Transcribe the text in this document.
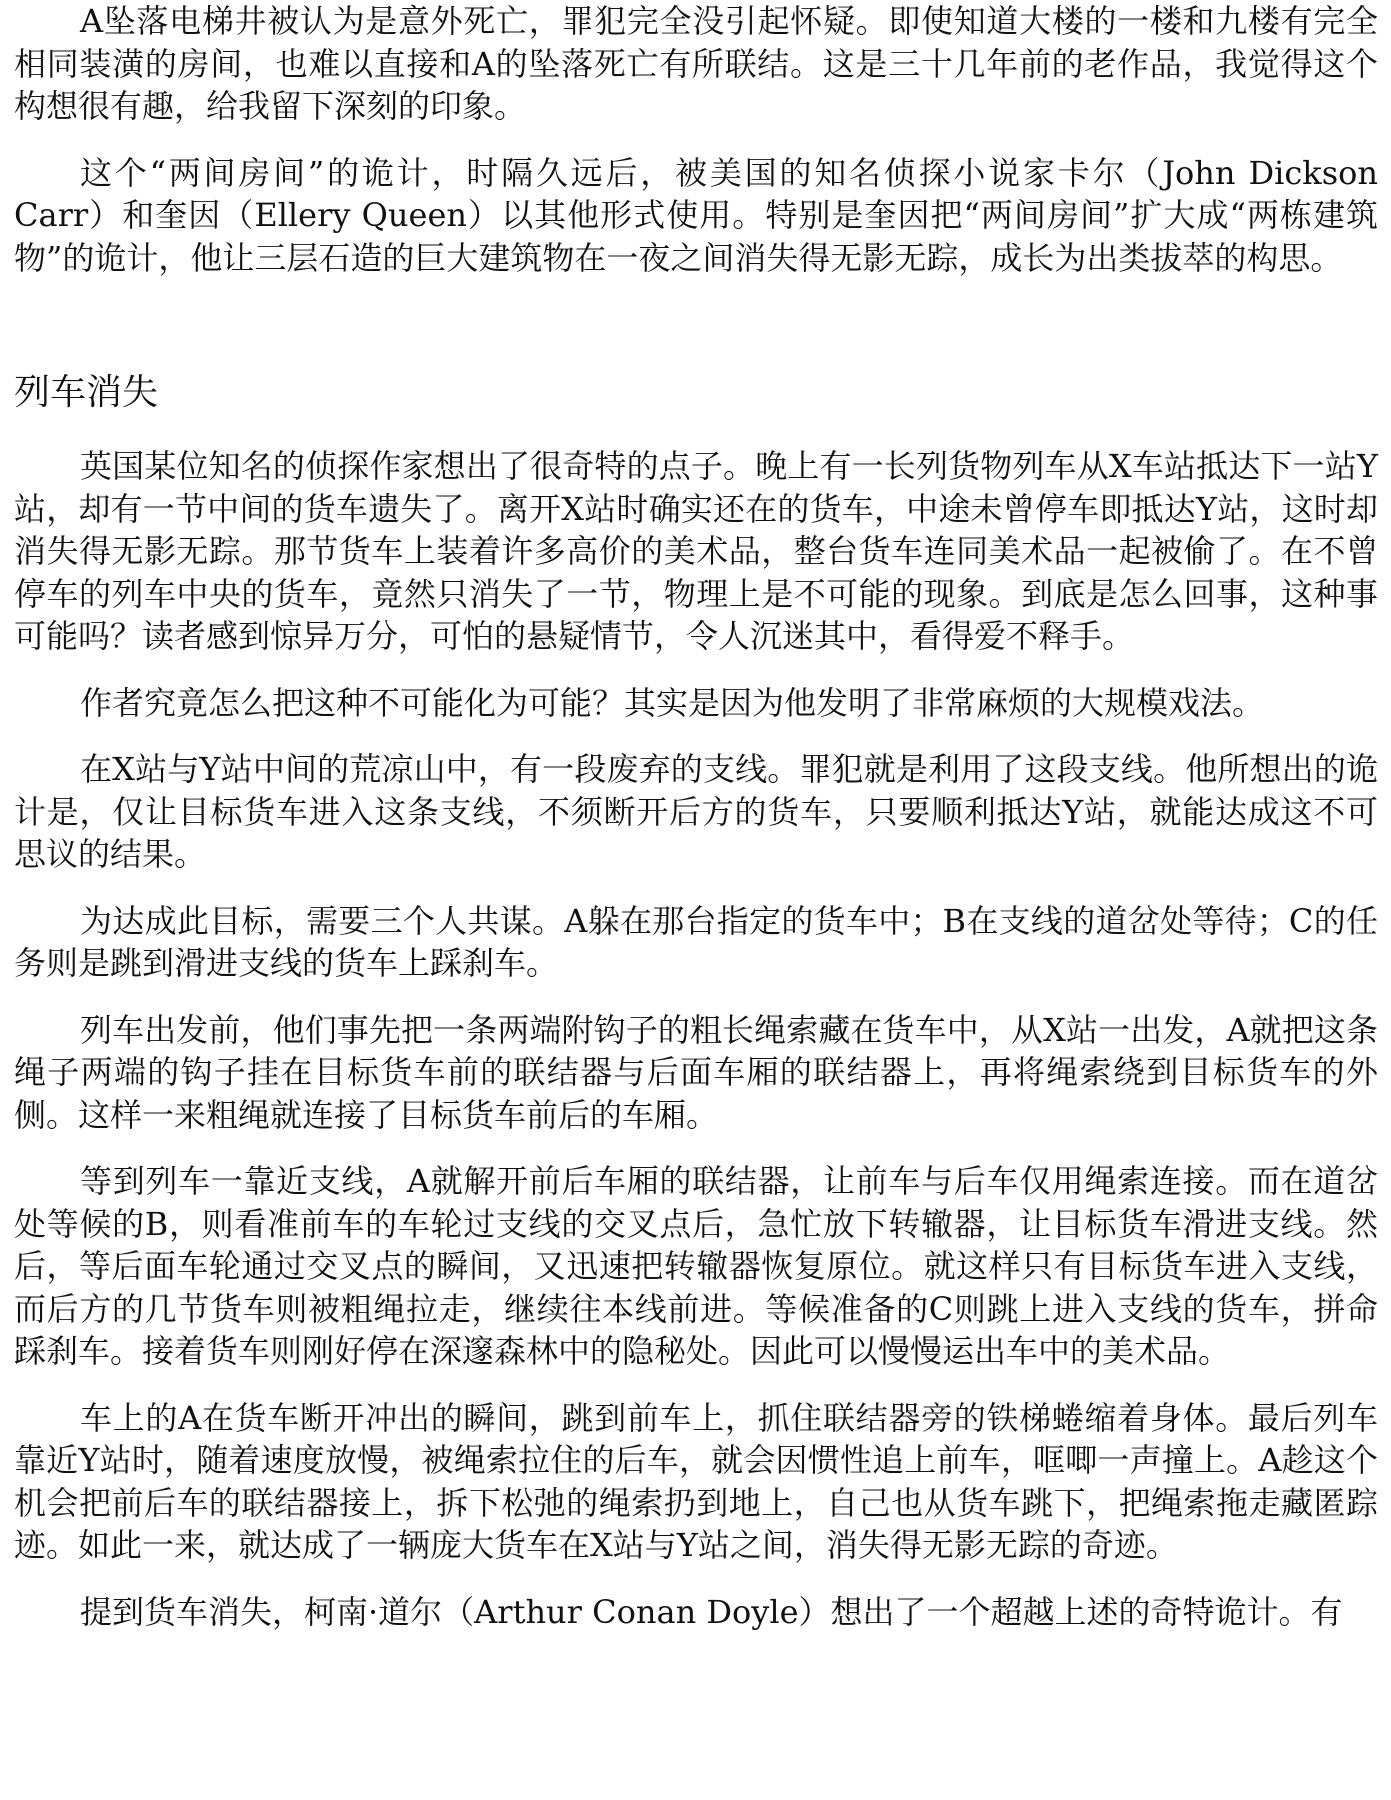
A坠落电梯井被认为是意外死亡，罪犯完全没引起怀疑。即使知道大楼的一楼和九楼有完全相同装潢的房间，也难以直接和A的坠落死亡有所联结。这是三十几年前的老作品，我觉得这个构想很有趣，给我留下深刻的印象。

这个“两间房间”的诡计，时隔久远后，被美国的知名侦探小说家卡尔（John Dickson Carr）和奎因（Ellery Queen）以其他形式使用。特别是奎因把“两间房间”扩大成“两栋建筑物”的诡计，他让三层石造的巨大建筑物在一夜之间消失得无影无踪，成长为出类拔萃的构思。

列车消失

英国某位知名的侦探作家想出了很奇特的点子。晚上有一长列货物列车从X车站抵达下一站Y站，却有一节中间的货车遗失了。离开X站时确实还在的货车，中途未曾停车即抵达Y站，这时却消失得无影无踪。那节货车上装着许多高价的美术品，整台货车连同美术品一起被偷了。在不曾停车的列车中央的货车，竟然只消失了一节，物理上是不可能的现象。到底是怎么回事，这种事可能吗？读者感到惊异万分，可怕的悬疑情节，令人沉迷其中，看得爱不释手。

作者究竟怎么把这种不可能化为可能？其实是因为他发明了非常麻烦的大规模戏法。

在X站与Y站中间的荒凉山中，有一段废弃的支线。罪犯就是利用了这段支线。他所想出的诡计是，仅让目标货车进入这条支线，不须断开后方的货车，只要顺利抵达Y站，就能达成这不可思议的结果。

为达成此目标，需要三个人共谋。A躲在那台指定的货车中；B在支线的道岔处等待；C的任务则是跳到滑进支线的货车上踩刹车。

列车出发前，他们事先把一条两端附钩子的粗长绳索藏在货车中，从X站一出发，A就把这条绳子两端的钩子挂在目标货车前的联结器与后面车厢的联结器上，再将绳索绕到目标货车的外侧。这样一来粗绳就连接了目标货车前后的车厢。

等到列车一靠近支线，A就解开前后车厢的联结器，让前车与后车仅用绳索连接。而在道岔处等候的B，则看准前车的车轮过支线的交叉点后，急忙放下转辙器，让目标货车滑进支线。然后，等后面车轮通过交叉点的瞬间，又迅速把转辙器恢复原位。就这样只有目标货车进入支线，而后方的几节货车则被粗绳拉走，继续往本线前进。等候准备的C则跳上进入支线的货车，拼命踩刹车。接着货车则刚好停在深邃森林中的隐秘处。因此可以慢慢运出车中的美术品。

车上的A在货车断开冲出的瞬间，跳到前车上，抓住联结器旁的铁梯蜷缩着身体。最后列车靠近Y站时，随着速度放慢，被绳索拉住的后车，就会因惯性追上前车，哐唧一声撞上。A趁这个机会把前后车的联结器接上，拆下松弛的绳索扔到地上，自己也从货车跳下，把绳索拖走藏匿踪迹。如此一来，就达成了一辆庞大货车在X站与Y站之间，消失得无影无踪的奇迹。

提到货车消失，柯南·道尔（Arthur Conan Doyle）想出了一个超越上述的奇特诡计。有
